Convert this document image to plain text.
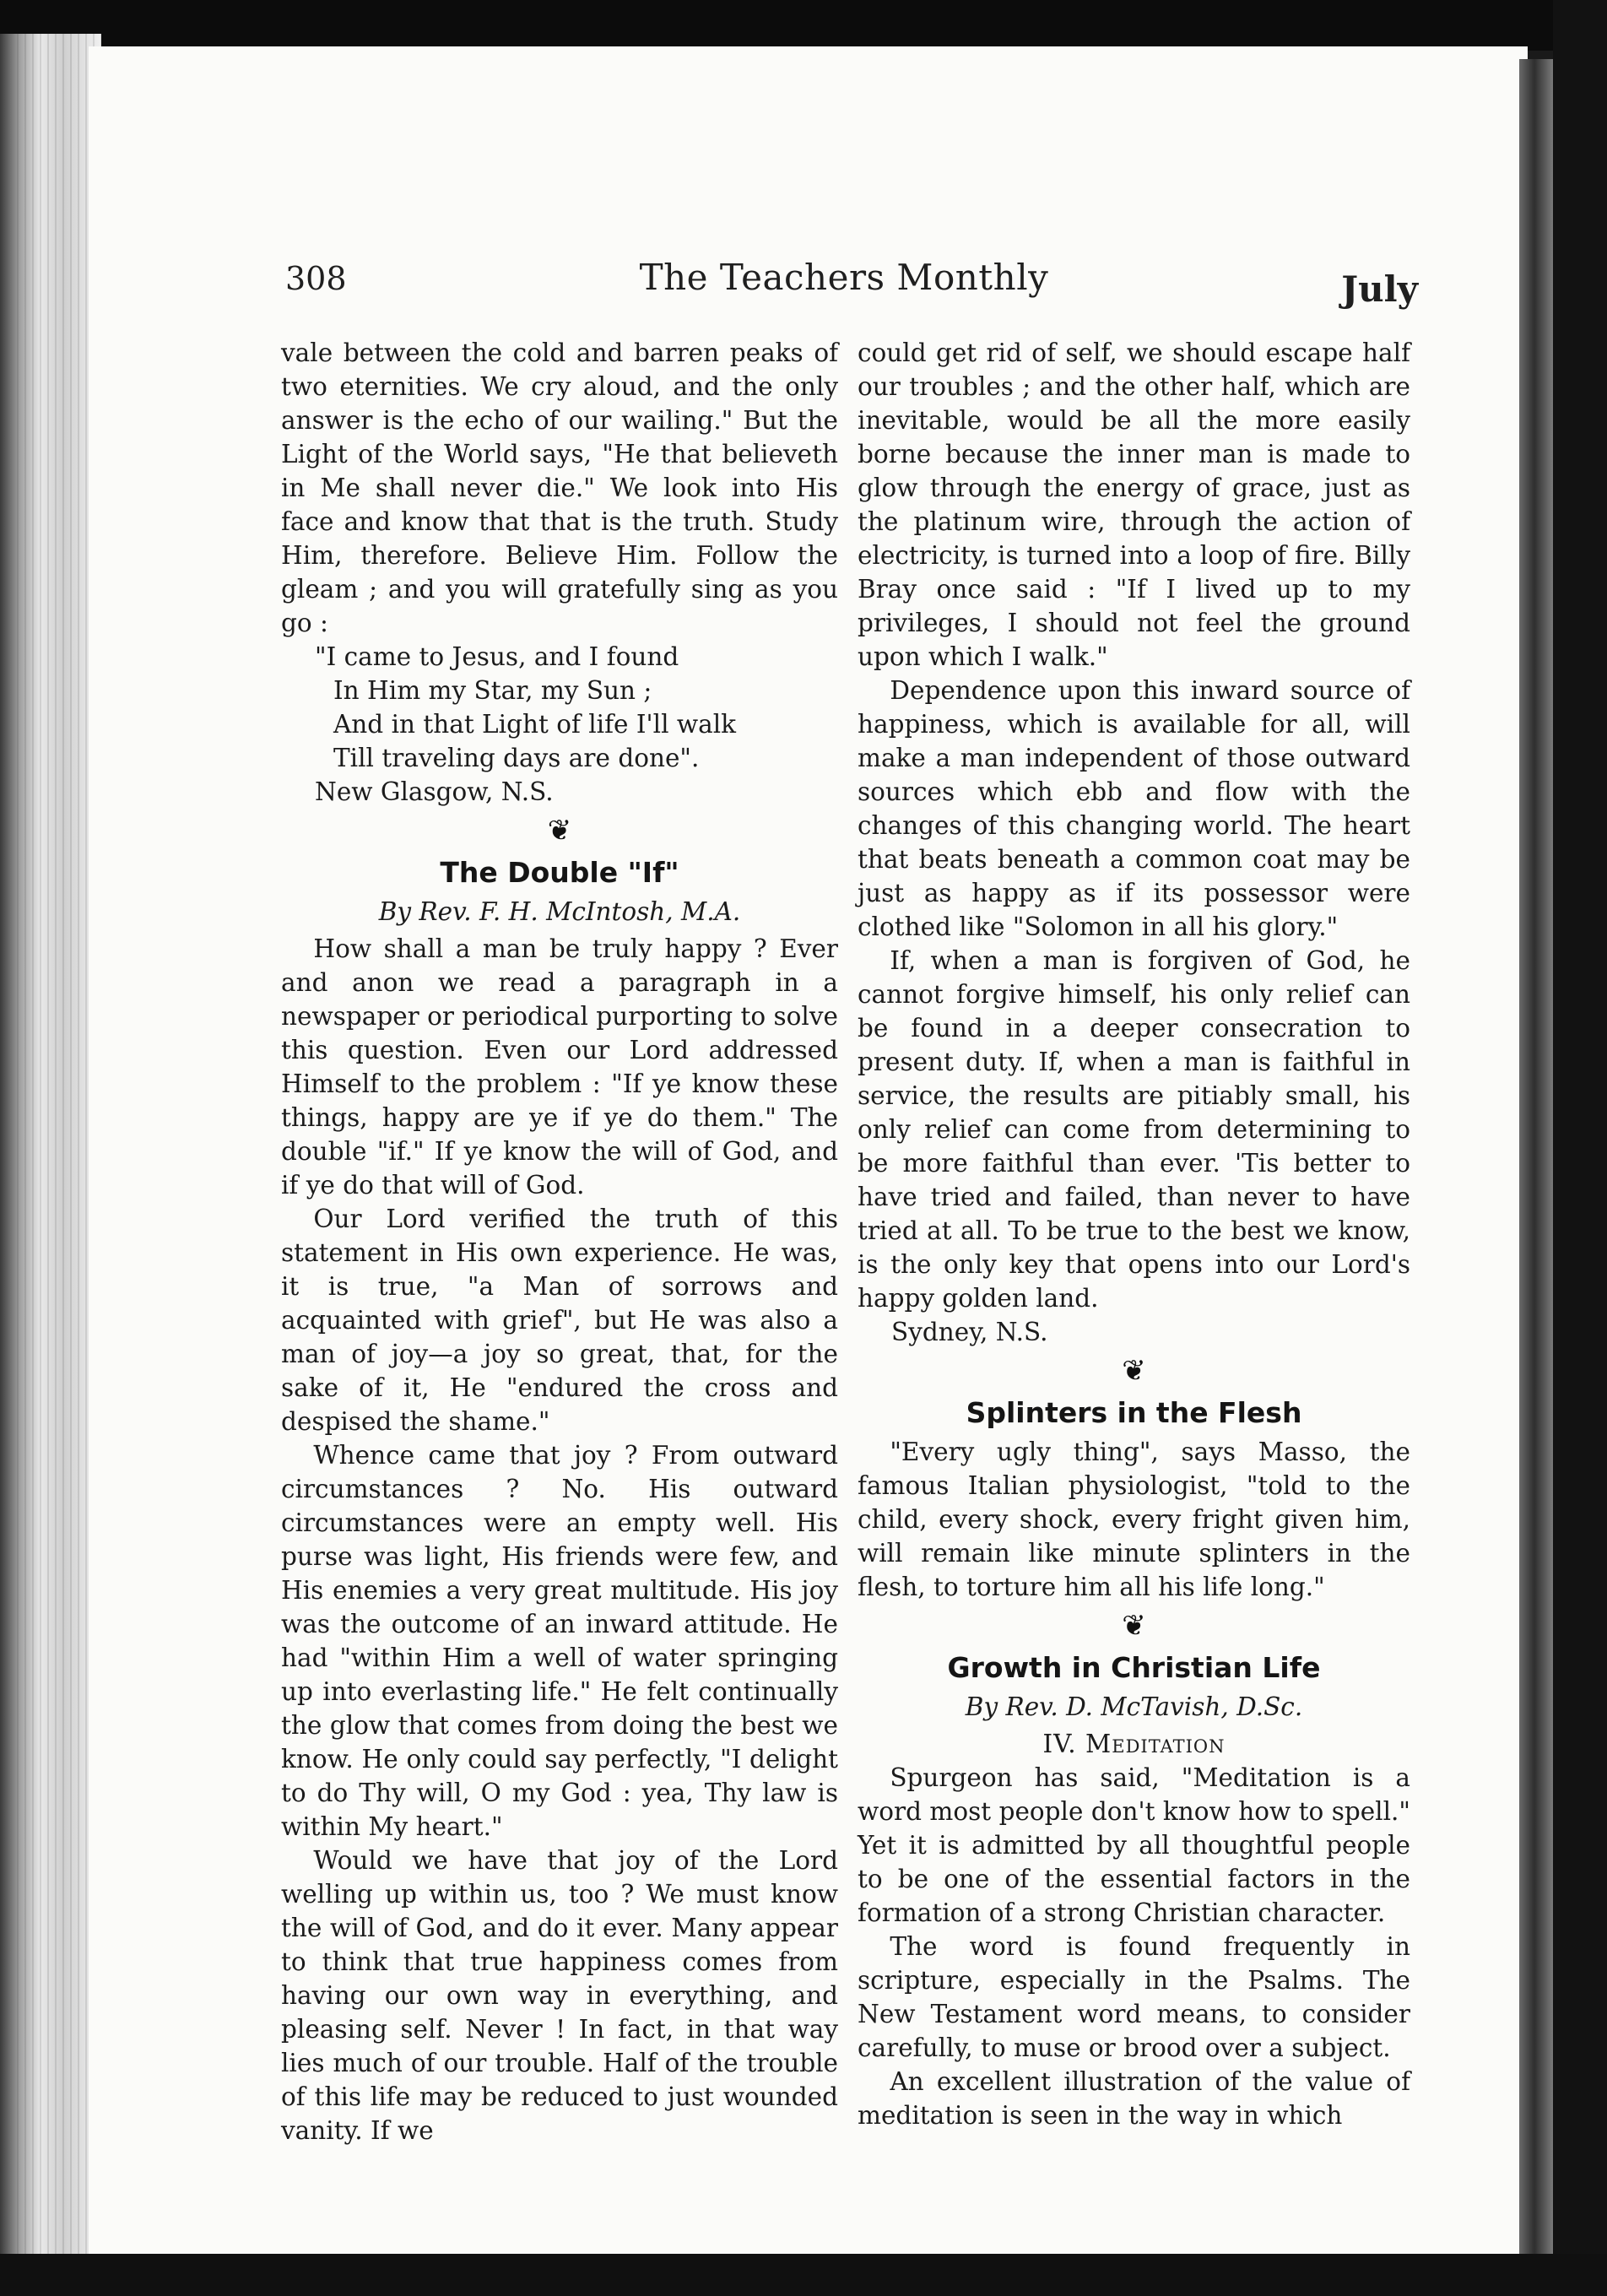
308	The Teachers Monthly	July

vale between the cold and barren peaks of two eternities. We cry aloud, and the only answer is the echo of our wailing." But the Light of the World says, "He that believeth in Me shall never die." We look into His face and know that that is the truth. Study Him, therefore. Believe Him. Follow the gleam ; and you will gratefully sing as you go :

"I came to Jesus, and I found
In Him my Star, my Sun ;
And in that Light of life I'll walk
Till traveling days are done".
New Glasgow, N.S.
❦
The Double "If"
By Rev. F. H. McIntosh, M.A.

How shall a man be truly happy ? Ever and anon we read a paragraph in a newspaper or periodical purporting to solve this question. Even our Lord addressed Himself to the problem : "If ye know these things, happy are ye if ye do them." The double "if." If ye know the will of God, and if ye do that will of God.

Our Lord verified the truth of this statement in His own experience. He was, it is true, "a Man of sorrows and acquainted with grief", but He was also a man of joy—a joy so great, that, for the sake of it, He "endured the cross and despised the shame."

Whence came that joy ? From outward circumstances ? No. His outward circumstances were an empty well. His purse was light, His friends were few, and His enemies a very great multitude. His joy was the outcome of an inward attitude. He had "within Him a well of water springing up into everlasting life." He felt continually the glow that comes from doing the best we know. He only could say perfectly, "I delight to do Thy will, O my God : yea, Thy law is within My heart."

Would we have that joy of the Lord welling up within us, too ? We must know the will of God, and do it ever. Many appear to think that true happiness comes from having our own way in everything, and pleasing self. Never ! In fact, in that way lies much of our trouble. Half of the trouble of this life may be reduced to just wounded vanity. If we

could get rid of self, we should escape half our troubles ; and the other half, which are inevitable, would be all the more easily borne because the inner man is made to glow through the energy of grace, just as the platinum wire, through the action of electricity, is turned into a loop of fire. Billy Bray once said : "If I lived up to my privileges, I should not feel the ground upon which I walk."

Dependence upon this inward source of happiness, which is available for all, will make a man independent of those outward sources which ebb and flow with the changes of this changing world. The heart that beats beneath a common coat may be just as happy as if its possessor were clothed like "Solomon in all his glory."

If, when a man is forgiven of God, he cannot forgive himself, his only relief can be found in a deeper consecration to present duty. If, when a man is faithful in service, the results are pitiably small, his only relief can come from determining to be more faithful than ever. 'Tis better to have tried and failed, than never to have tried at all. To be true to the best we know, is the only key that opens into our Lord's happy golden land.

Sydney, N.S.
❦
Splinters in the Flesh

"Every ugly thing", says Masso, the famous Italian physiologist, "told to the child, every shock, every fright given him, will remain like minute splinters in the flesh, to torture him all his life long."

❦
Growth in Christian Life
By Rev. D. McTavish, D.Sc.
IV. Meditation

Spurgeon has said, "Meditation is a word most people don't know how to spell." Yet it is admitted by all thoughtful people to be one of the essential factors in the formation of a strong Christian character.

The word is found frequently in scripture, especially in the Psalms. The New Testament word means, to consider carefully, to muse or brood over a subject.

An excellent illustration of the value of meditation is seen in the way in which
